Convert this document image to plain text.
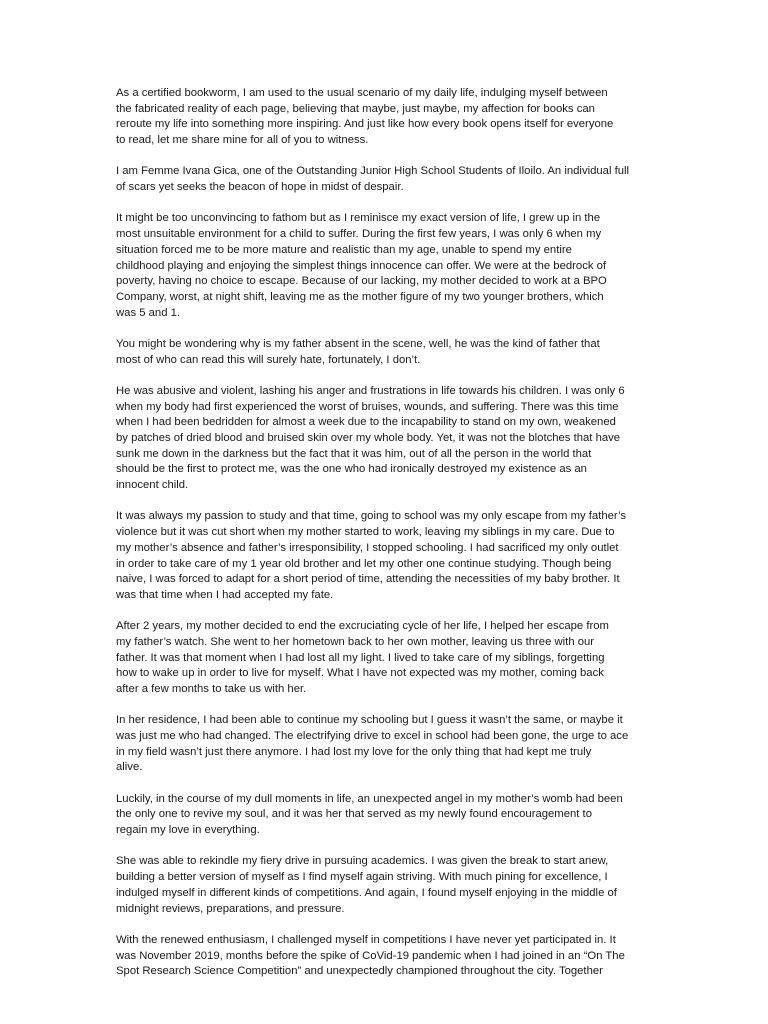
As a certified bookworm, I am used to the usual scenario of my daily life, indulging myself between
the fabricated reality of each page, believing that maybe, just maybe, my affection for books can
reroute my life into something more inspiring. And just like how every book opens itself for everyone
to read, let me share mine for all of you to witness.

I am Femme Ivana Gica, one of the Outstanding Junior High School Students of Iloilo. An individual full
of scars yet seeks the beacon of hope in midst of despair.

It might be too unconvincing to fathom but as I reminisce my exact version of life, I grew up in the
most unsuitable environment for a child to suffer. During the first few years, I was only 6 when my
situation forced me to be more mature and realistic than my age, unable to spend my entire
childhood playing and enjoying the simplest things innocence can offer. We were at the bedrock of
poverty, having no choice to escape. Because of our lacking, my mother decided to work at a BPO
Company, worst, at night shift, leaving me as the mother figure of my two younger brothers, which
was 5 and 1.

You might be wondering why is my father absent in the scene, well, he was the kind of father that
most of who can read this will surely hate, fortunately, I don’t.

He was abusive and violent, lashing his anger and frustrations in life towards his children. I was only 6
when my body had first experienced the worst of bruises, wounds, and suffering. There was this time
when I had been bedridden for almost a week due to the incapability to stand on my own, weakened
by patches of dried blood and bruised skin over my whole body. Yet, it was not the blotches that have
sunk me down in the darkness but the fact that it was him, out of all the person in the world that
should be the first to protect me, was the one who had ironically destroyed my existence as an
innocent child.

It was always my passion to study and that time, going to school was my only escape from my father’s
violence but it was cut short when my mother started to work, leaving my siblings in my care. Due to
my mother’s absence and father’s irresponsibility, I stopped schooling. I had sacrificed my only outlet
in order to take care of my 1 year old brother and let my other one continue studying. Though being
naive, I was forced to adapt for a short period of time, attending the necessities of my baby brother. It
was that time when I had accepted my fate.

After 2 years, my mother decided to end the excruciating cycle of her life, I helped her escape from
my father’s watch. She went to her hometown back to her own mother, leaving us three with our
father. It was that moment when I had lost all my light. I lived to take care of my siblings, forgetting
how to wake up in order to live for myself. What I have not expected was my mother, coming back
after a few months to take us with her.

In her residence, I had been able to continue my schooling but I guess it wasn’t the same, or maybe it
was just me who had changed. The electrifying drive to excel in school had been gone, the urge to ace
in my field wasn’t just there anymore. I had lost my love for the only thing that had kept me truly
alive.

Luckily, in the course of my dull moments in life, an unexpected angel in my mother’s womb had been
the only one to revive my soul, and it was her that served as my newly found encouragement to
regain my love in everything.

She was able to rekindle my fiery drive in pursuing academics. I was given the break to start anew,
building a better version of myself as I find myself again striving. With much pining for excellence, I
indulged myself in different kinds of competitions. And again, I found myself enjoying in the middle of
midnight reviews, preparations, and pressure.

With the renewed enthusiasm, I challenged myself in competitions I have never yet participated in. It
was November 2019, months before the spike of CoVid-19 pandemic when I had joined in an “On The
Spot Research Science Competition” and unexpectedly championed throughout the city. Together
